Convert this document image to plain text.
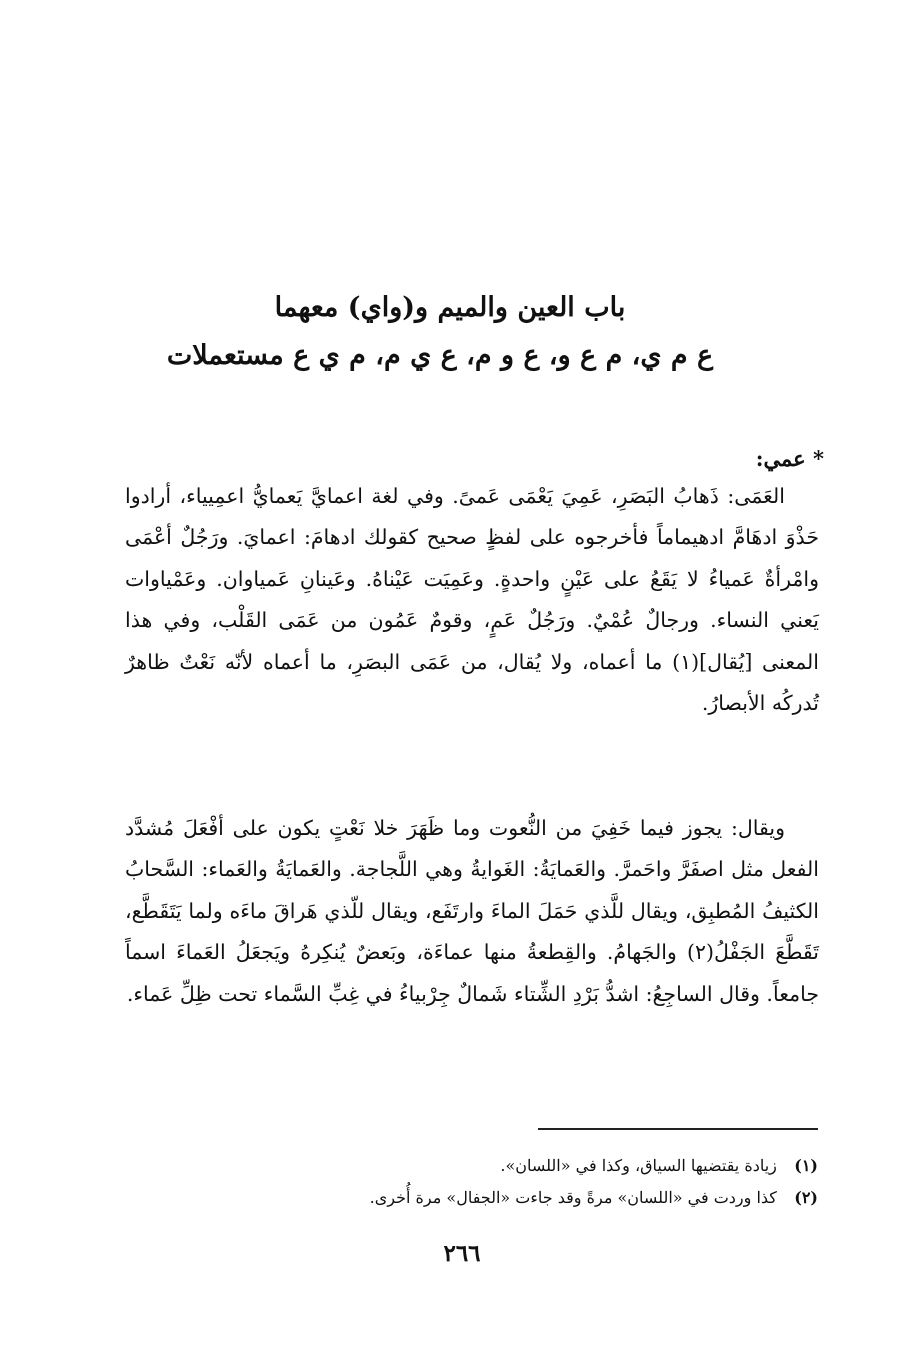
باب العين والميم و(واي) معهما
ع م ي، م ع و، ع و م، ع ي م، م ي ع مستعملات
* عمي:
العَمَى: ذَهابُ البَصَرِ، عَمِيَ يَعْمَى عَمىً. وفي لغة اعمايَّ يَعمايُّ اعمِيياء، أرادوا حَذْوَ ادهَامَّ ادهيماماً فأخرجوه على لفظٍ صحيح كقولك ادهامَ: اعمايَ. ورَجُلٌ أعْمَى وامْرأةٌ عَمياءُ لا يَقَعُ على عَيْنٍ واحدةٍ. وعَمِيَت عَيْناهُ. وعَينانِ عَمياوان. وعَمْياوات يَعني النساء. ورجالٌ عُمْيٌ. ورَجُلٌ عَمٍ، وقومٌ عَمُون من عَمَى القَلْب، وفي هذا المعنى [يُقال](١) ما أعماه، ولا يُقال، من عَمَى البصَرِ، ما أعماه لأنّه نَعْتٌ ظاهرٌ تُدركُه الأبصارُ.
ويقال: يجوز فيما خَفِيَ من النُّعوت وما ظَهَرَ خلا نَعْتٍ يكون على أفْعَلَ مُشدَّد الفعل مثل اصفَرَّ واحَمرَّ. والعَمايَةُ: الغَوايةُ وهي اللَّجاجة. والعَمايَةُ والعَماء: السَّحابُ الكثيفُ المُطبِق، ويقال للَّذي حَمَلَ الماءَ وارتَفَع، ويقال للّذي هَراقَ ماءَه ولما يَتَقَطَّع، تَقَطَّعَ الجَفْلُ(٢) والجَهامُ. والقِطعةُ منها عماءَة، وبَعضٌ يُنكِرهُ ويَجعَلُ العَماءَ اسماً جامعاً. وقال الساجِعُ: اشدُّ بَرْدِ الشِّتاء شَمالٌ جِرْبياءُ في غِبِّ السَّماء تحت ظِلِّ عَماء.
(١) زيادة يقتضيها السياق، وكذا في «اللسان».
(٢) كذا وردت في «اللسان» مرةً وقد جاءت «الجفال» مرة أُخرى.
٢٦٦
